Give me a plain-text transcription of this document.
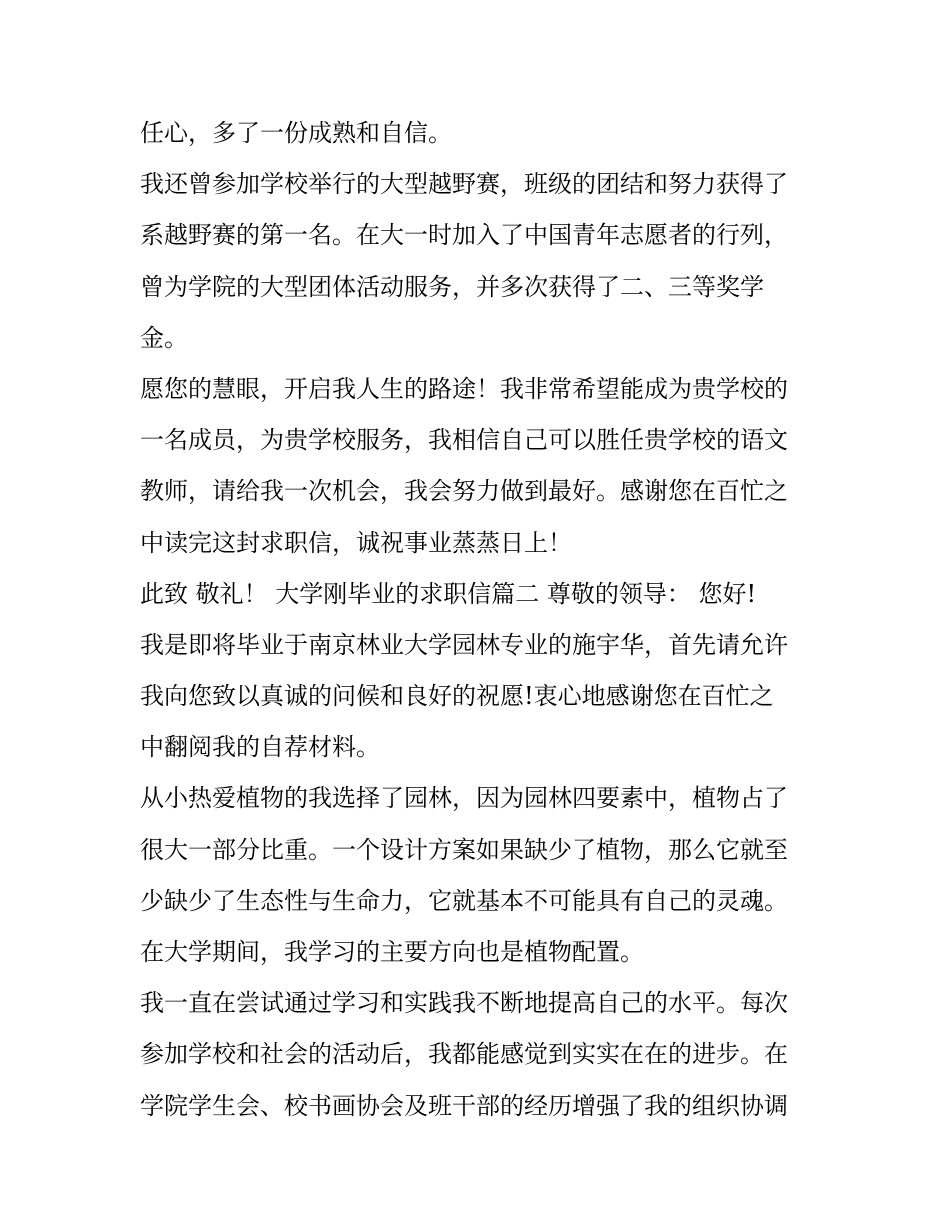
任心，多了一份成熟和自信。
我还曾参加学校举行的大型越野赛，班级的团结和努力获得了
系越野赛的第一名。在大一时加入了中国青年志愿者的行列，
曾为学院的大型团体活动服务，并多次获得了二、三等奖学
金。
愿您的慧眼，开启我人生的路途！我非常希望能成为贵学校的
一名成员，为贵学校服务，我相信自己可以胜任贵学校的语文
教师，请给我一次机会，我会努力做到最好。感谢您在百忙之
中读完这封求职信，诚祝事业蒸蒸日上！
此致 敬礼！ 大学刚毕业的求职信篇二 尊敬的领导： 您好!
我是即将毕业于南京林业大学园林专业的施宇华，首先请允许
我向您致以真诚的问候和良好的祝愿!衷心地感谢您在百忙之
中翻阅我的自荐材料。
从小热爱植物的我选择了园林，因为园林四要素中，植物占了
很大一部分比重。一个设计方案如果缺少了植物，那么它就至
少缺少了生态性与生命力，它就基本不可能具有自己的灵魂。
在大学期间，我学习的主要方向也是植物配置。
我一直在尝试通过学习和实践我不断地提高自己的水平。每次
参加学校和社会的活动后，我都能感觉到实实在在的进步。在
学院学生会、校书画协会及班干部的经历增强了我的组织协调
